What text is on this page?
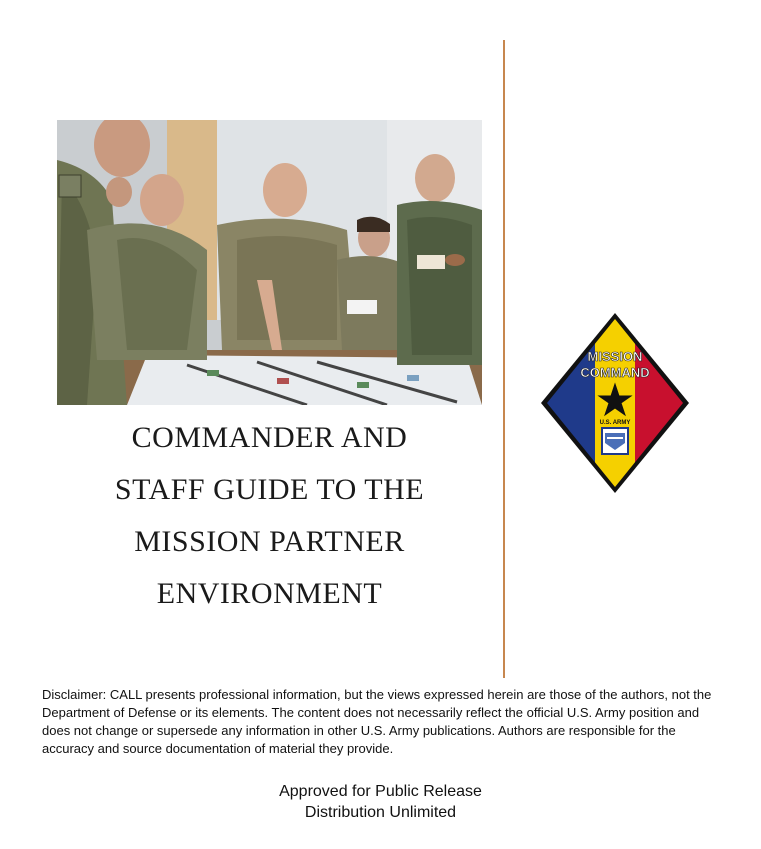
COMMANDER AND
STAFF GUIDE TO THE
MISSION PARTNER
ENVIRONMENT
MISSION
COMMAND
U.S. ARMY
Disclaimer: CALL presents professional information, but the views expressed herein are those of the authors, not the Department of Defense or its elements. The content does not necessarily reflect the official U.S. Army position and does not change or supersede any information in other U.S. Army publications. Authors are responsible for the accuracy and source documentation of material they provide.
Approved for Public Release
Distribution Unlimited
